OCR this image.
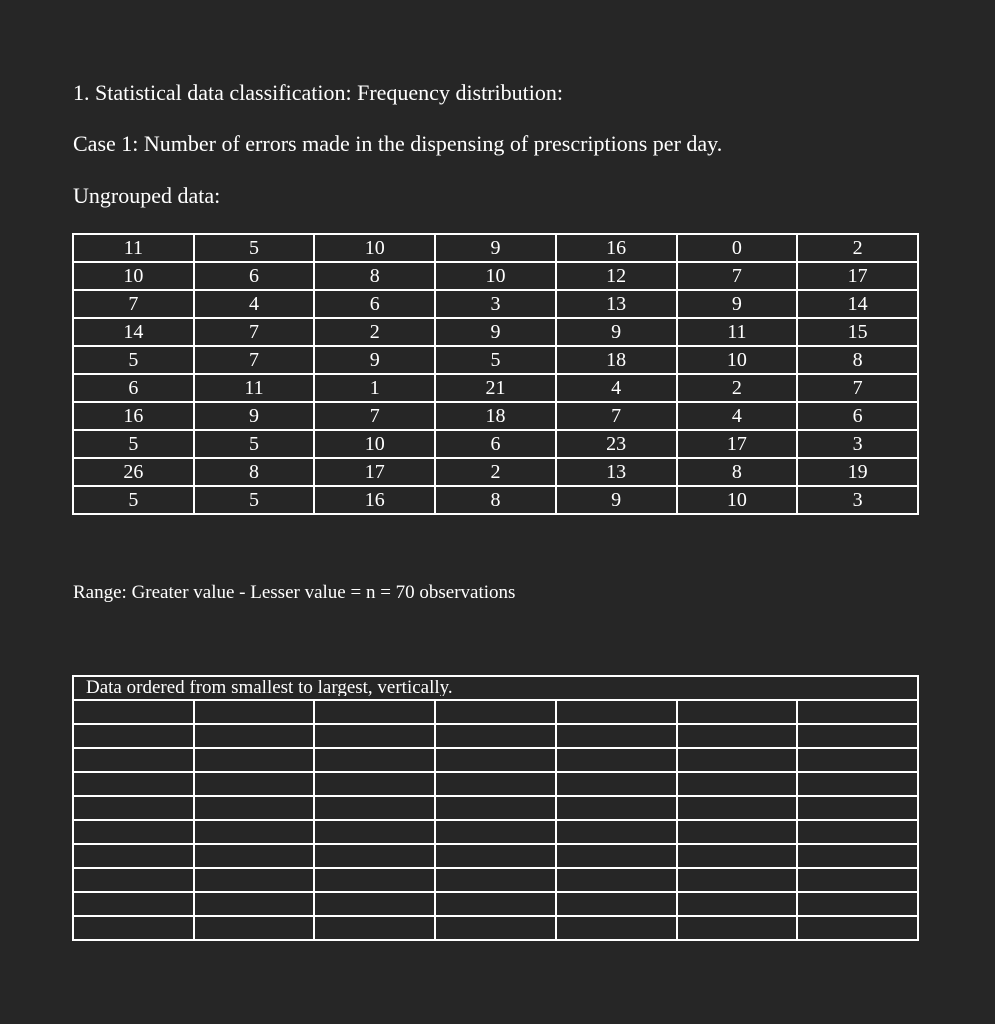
1. Statistical data classification: Frequency distribution:
Case 1: Number of errors made in the dispensing of prescriptions per day.
Ungrouped data:
11	5	10	9	16	0	2
10	6	8	10	12	7	17
7	4	6	3	13	9	14
14	7	2	9	9	11	15
5	7	9	5	18	10	8
6	11	1	21	4	2	7
16	9	7	18	7	4	6
5	5	10	6	23	17	3
26	8	17	2	13	8	19
5	5	16	8	9	10	3
Range: Greater value - Lesser value = n = 70 observations
Data ordered from smallest to largest, vertically.						
